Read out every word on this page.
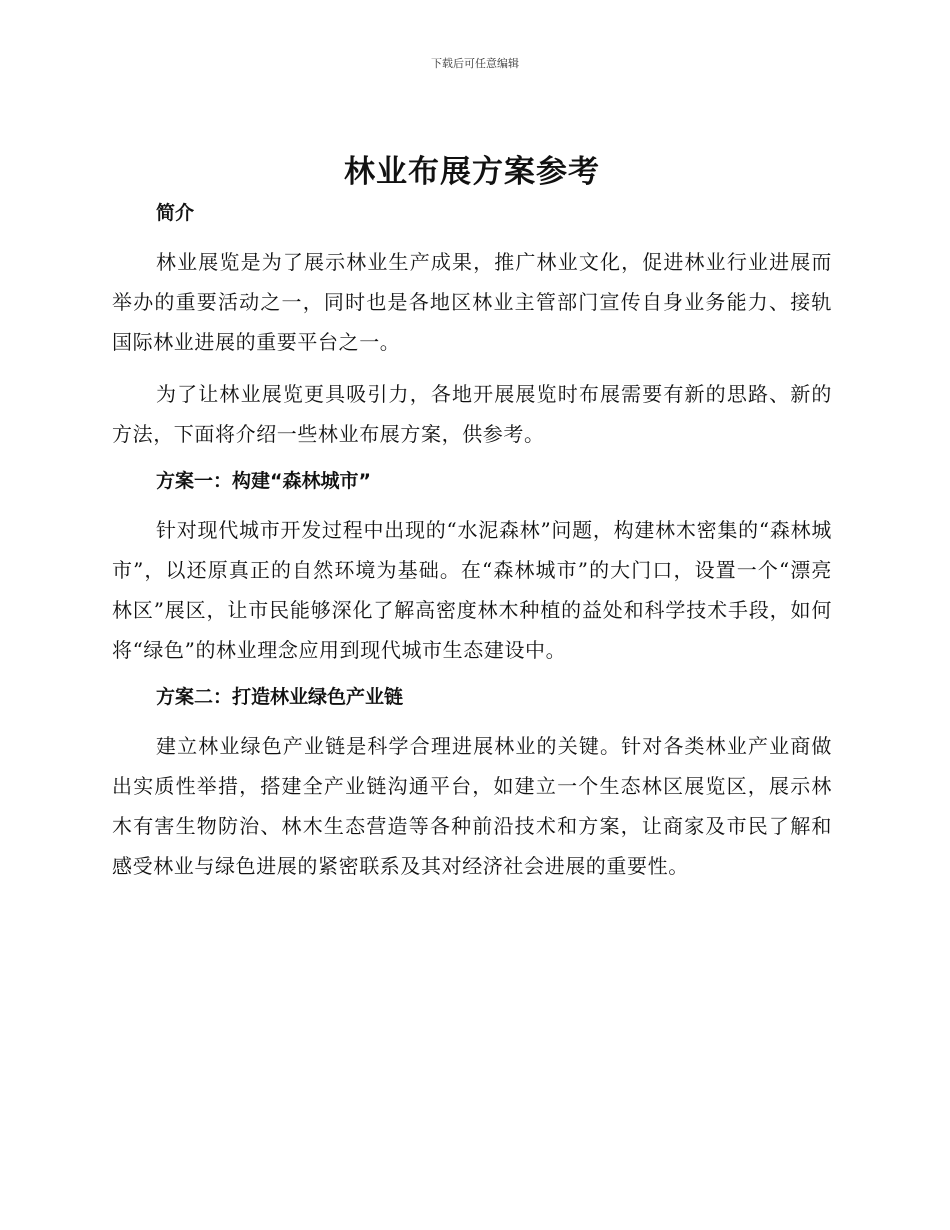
下载后可任意编辑
林业布展方案参考
简介

林业展览是为了展示林业生产成果，推广林业文化，促进林业行业进展而举办的重要活动之一，同时也是各地区林业主管部门宣传自身业务能力、接轨国际林业进展的重要平台之一。

为了让林业展览更具吸引力，各地开展展览时布展需要有新的思路、新的方法，下面将介绍一些林业布展方案，供参考。

方案一：构建“森林城市”

针对现代城市开发过程中出现的“水泥森林”问题，构建林木密集的“森林城市”，以还原真正的自然环境为基础。在“森林城市”的大门口，设置一个“漂亮林区”展区，让市民能够深化了解高密度林木种植的益处和科学技术手段，如何将“绿色”的林业理念应用到现代城市生态建设中。

方案二：打造林业绿色产业链

建立林业绿色产业链是科学合理进展林业的关键。针对各类林业产业商做出实质性举措，搭建全产业链沟通平台，如建立一个生态林区展览区，展示林木有害生物防治、林木生态营造等各种前沿技术和方案，让商家及市民了解和感受林业与绿色进展的紧密联系及其对经济社会进展的重要性。
